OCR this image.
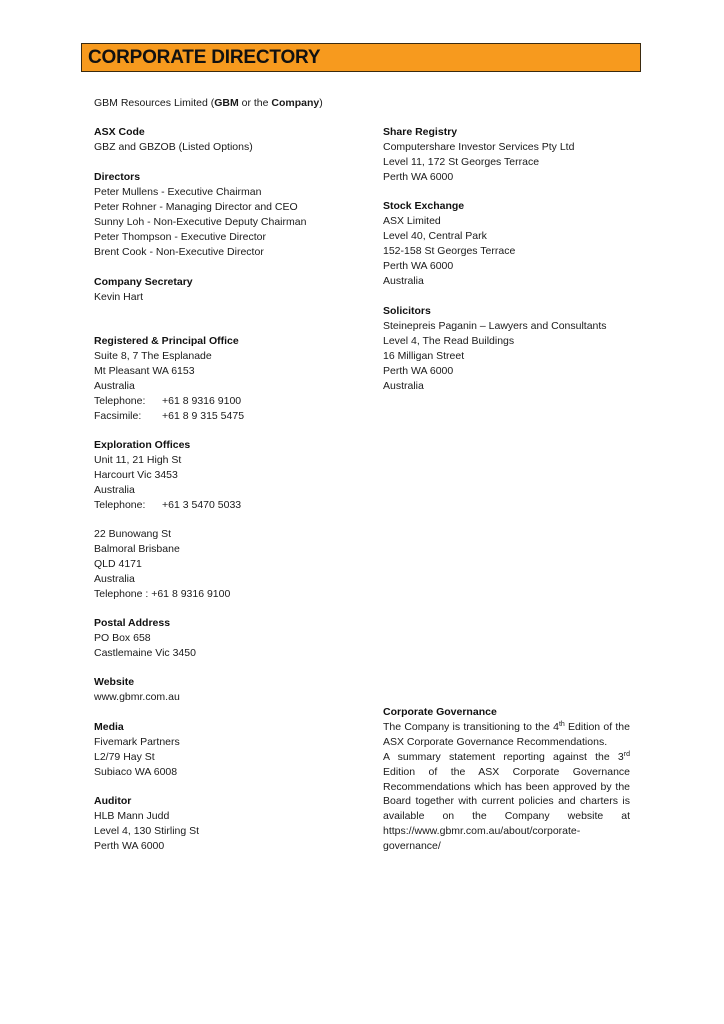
CORPORATE DIRECTORY
GBM Resources Limited (GBM or the Company)
ASX Code
GBZ and GBZOB (Listed Options)
Directors
Peter Mullens - Executive Chairman
Peter Rohner - Managing Director and CEO
Sunny Loh - Non-Executive Deputy Chairman
Peter Thompson - Executive Director
Brent Cook - Non-Executive Director
Company Secretary
Kevin Hart
Registered & Principal Office
Suite 8, 7 The Esplanade
Mt Pleasant WA 6153
Australia
Telephone: +61 8 9316 9100
Facsimile: +61 8 9 315 5475
Exploration Offices
Unit 11, 21 High St
Harcourt Vic 3453
Australia
Telephone: +61 3 5470 5033
22 Bunowang St
Balmoral Brisbane
QLD 4171
Australia
Telephone : +61 8 9316 9100
Postal Address
PO Box 658
Castlemaine Vic 3450
Website
www.gbmr.com.au
Media
Fivemark Partners
L2/79 Hay St
Subiaco WA 6008
Auditor
HLB Mann Judd
Level 4, 130 Stirling St
Perth WA 6000
Share Registry
Computershare Investor Services Pty Ltd
Level 11, 172 St Georges Terrace
Perth WA 6000
Stock Exchange
ASX Limited
Level 40, Central Park
152-158 St Georges Terrace
Perth WA 6000
Australia
Solicitors
Steinepreis Paganin – Lawyers and Consultants
Level 4, The Read Buildings
16 Milligan Street
Perth WA 6000
Australia
Corporate Governance
The Company is transitioning to the 4th Edition of the ASX Corporate Governance Recommendations.
A summary statement reporting against the 3rd Edition of the ASX Corporate Governance Recommendations which has been approved by the Board together with current policies and charters is available on the Company website at https://www.gbmr.com.au/about/corporate-governance/
